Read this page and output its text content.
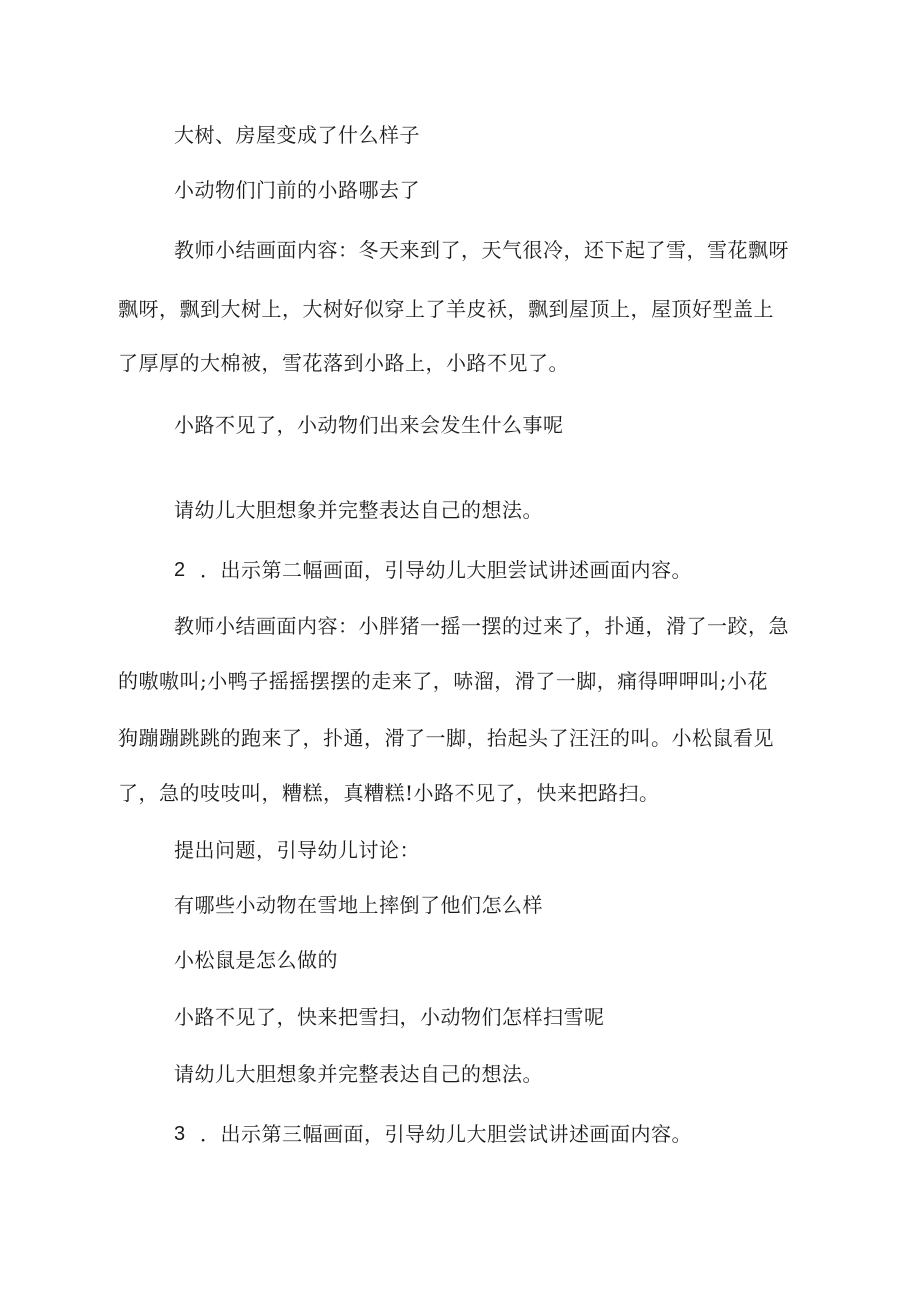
大树、房屋变成了什么样子
小动物们门前的小路哪去了
教师小结画面内容：冬天来到了，天气很冷，还下起了雪，雪花飘呀
飘呀，飘到大树上，大树好似穿上了羊皮袄，飘到屋顶上，屋顶好型盖上
了厚厚的大棉被，雪花落到小路上，小路不见了。
小路不见了，小动物们出来会发生什么事呢
请幼儿大胆想象并完整表达自己的想法。
2 ．出示第二幅画面，引导幼儿大胆尝试讲述画面内容。
教师小结画面内容：小胖猪一摇一摆的过来了，扑通，滑了一跤，急
的嗷嗷叫;小鸭子摇摇摆摆的走来了，哧溜，滑了一脚，痛得呷呷叫;小花
狗蹦蹦跳跳的跑来了，扑通，滑了一脚，抬起头了汪汪的叫。小松鼠看见
了，急的吱吱叫，糟糕，真糟糕!小路不见了，快来把路扫。
提出问题，引导幼儿讨论：
有哪些小动物在雪地上摔倒了他们怎么样
小松鼠是怎么做的
小路不见了，快来把雪扫，小动物们怎样扫雪呢
请幼儿大胆想象并完整表达自己的想法。
3 ．出示第三幅画面，引导幼儿大胆尝试讲述画面内容。
